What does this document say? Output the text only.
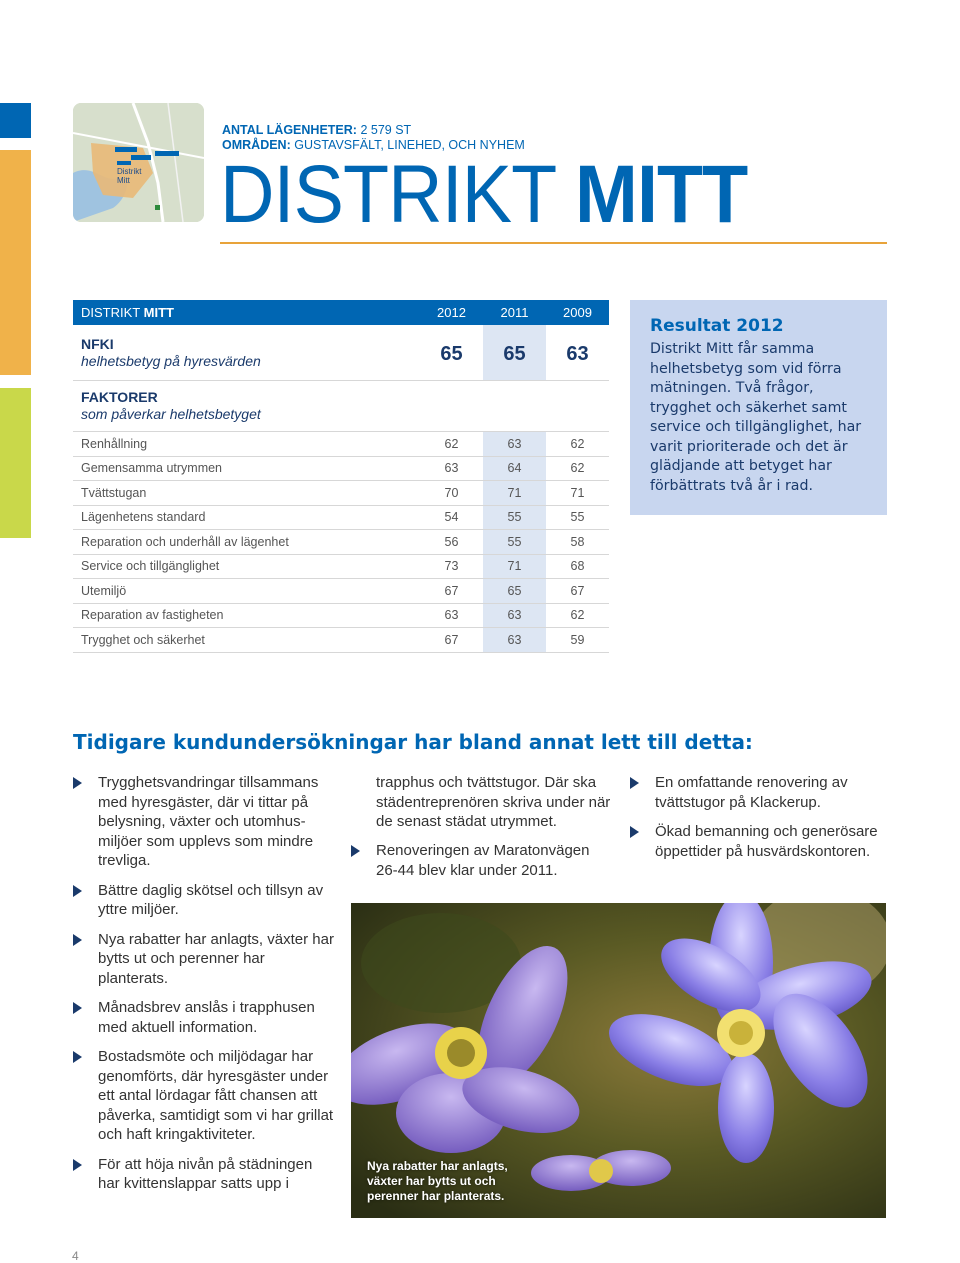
Distrikt Mitt
ANTAL LÄGENHETER: 2 579 ST
OMRÅDEN: GUSTAVSFÄLT, LINEHED, OCH NYHEM
DISTRIKT MITT
DISTRIKT MITT	2012	2011	2009
NFKI
helhetsbetyg på hyresvärden	65	65	63
FAKTORER
som påverkar helhetsbetyget
Renhållning	62	63	62
Gemensamma utrymmen	63	64	62
Tvättstugan	70	71	71
Lägenhetens standard	54	55	55
Reparation och underhåll av lägenhet	56	55	58
Service och tillgänglighet	73	71	68
Utemiljö	67	65	67
Reparation av fastigheten	63	63	62
Trygghet och säkerhet	67	63	59
Resultat 2012

Distrikt Mitt får samma helhetsbetyg som vid förra mätningen. Två frågor, trygghet och säkerhet samt service och tillgänglighet, har varit prioriterade och det är glädjande att betyget har förbättrats två år i rad.

Tidigare kundundersökningar har bland annat lett till detta:
Trygghetsvandringar tillsammans med hyresgäster, där vi tittar på belysning, växter och utomhus-miljöer som upplevs som mindre trevliga.
Bättre daglig skötsel och tillsyn av yttre miljöer.
Nya rabatter har anlagts, växter har bytts ut och perenner har planterats.
Månadsbrev anslås i trapphusen med aktuell information.
Bostadsmöte och miljödagar har genomförts, där hyresgäster under ett antal lördagar fått chansen att påverka, samtidigt som vi har grillat och haft kringaktiviteter.
För att höja nivån på städningen har kvittenslappar satts upp i

trapphus och tvättstugor. Där ska städentreprenören skriva under när de senast städat utrymmet.

Renoveringen av Maratonvägen 26-44 blev klar under 2011.
En omfattande renovering av tvättstugor på Klackerup.
Ökad bemanning och generösare öppettider på husvärdskontoren.
Nya rabatter har anlagts, växter har bytts ut och perenner har planterats.
4
